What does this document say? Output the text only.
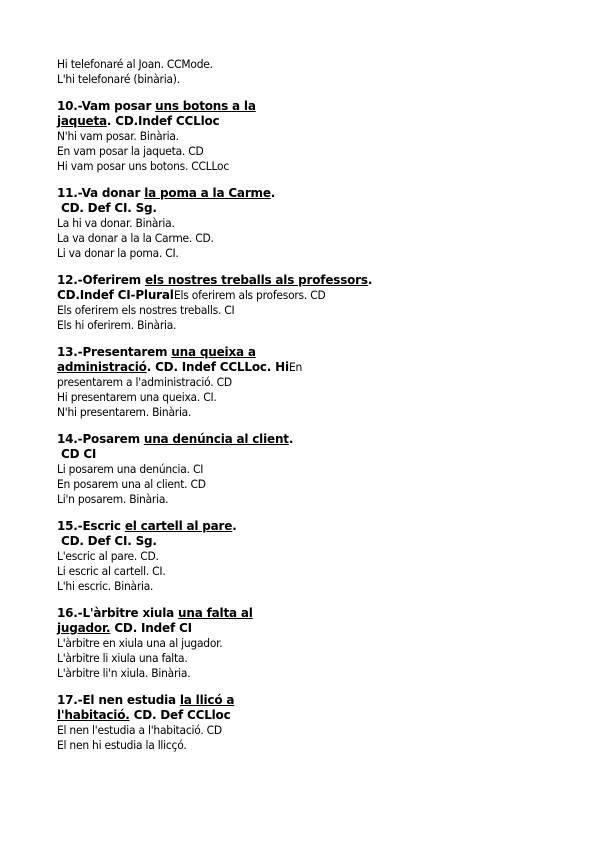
Hi telefonaré al Joan. CCMode.
L'hi telefonaré (binària).
10.-Vam posar uns botons a la
jaqueta. CD.Indef CCLloc
N'hi vam posar. Binària.
En vam posar la jaqueta. CD
Hi vam posar uns botons. CCLLoc
11.-Va donar la poma a la Carme.
CD. Def CI. Sg.
La hi va donar. Binària.
La va donar a la la Carme. CD.
Li va donar la poma. CI.
12.-Oferirem els nostres treballs als professors.
CD.Indef CI-PluralEls oferirem als profesors. CD
Els oferirem els nostres treballs. CI
Els hi oferirem. Binària.
13.-Presentarem una queixa a
administració. CD. Indef CCLLoc. HiEn
presentarem a l'administració. CD
Hi presentarem una queixa. CI.
N'hi presentarem. Binària.
14.-Posarem una denúncia al client.
CD CI
Li posarem una denúncia. CI
En posarem una al client. CD
Li'n posarem. Binària.
15.-Escric el cartell al pare.
CD. Def CI. Sg.
L'escric al pare. CD.
Li escric al cartell. CI.
L'hi escric. Binària.
16.-L'àrbitre xiula una falta al
jugador. CD. Indef CI
L'àrbitre en xiula una al jugador.
L'àrbitre li xiula una falta.
L'àrbitre li'n xiula. Binària.
17.-El nen estudia la llicó a
l'habitació. CD. Def CCLloc
El nen l'estudia a l'habitació. CD
El nen hi estudia la llicçó.
